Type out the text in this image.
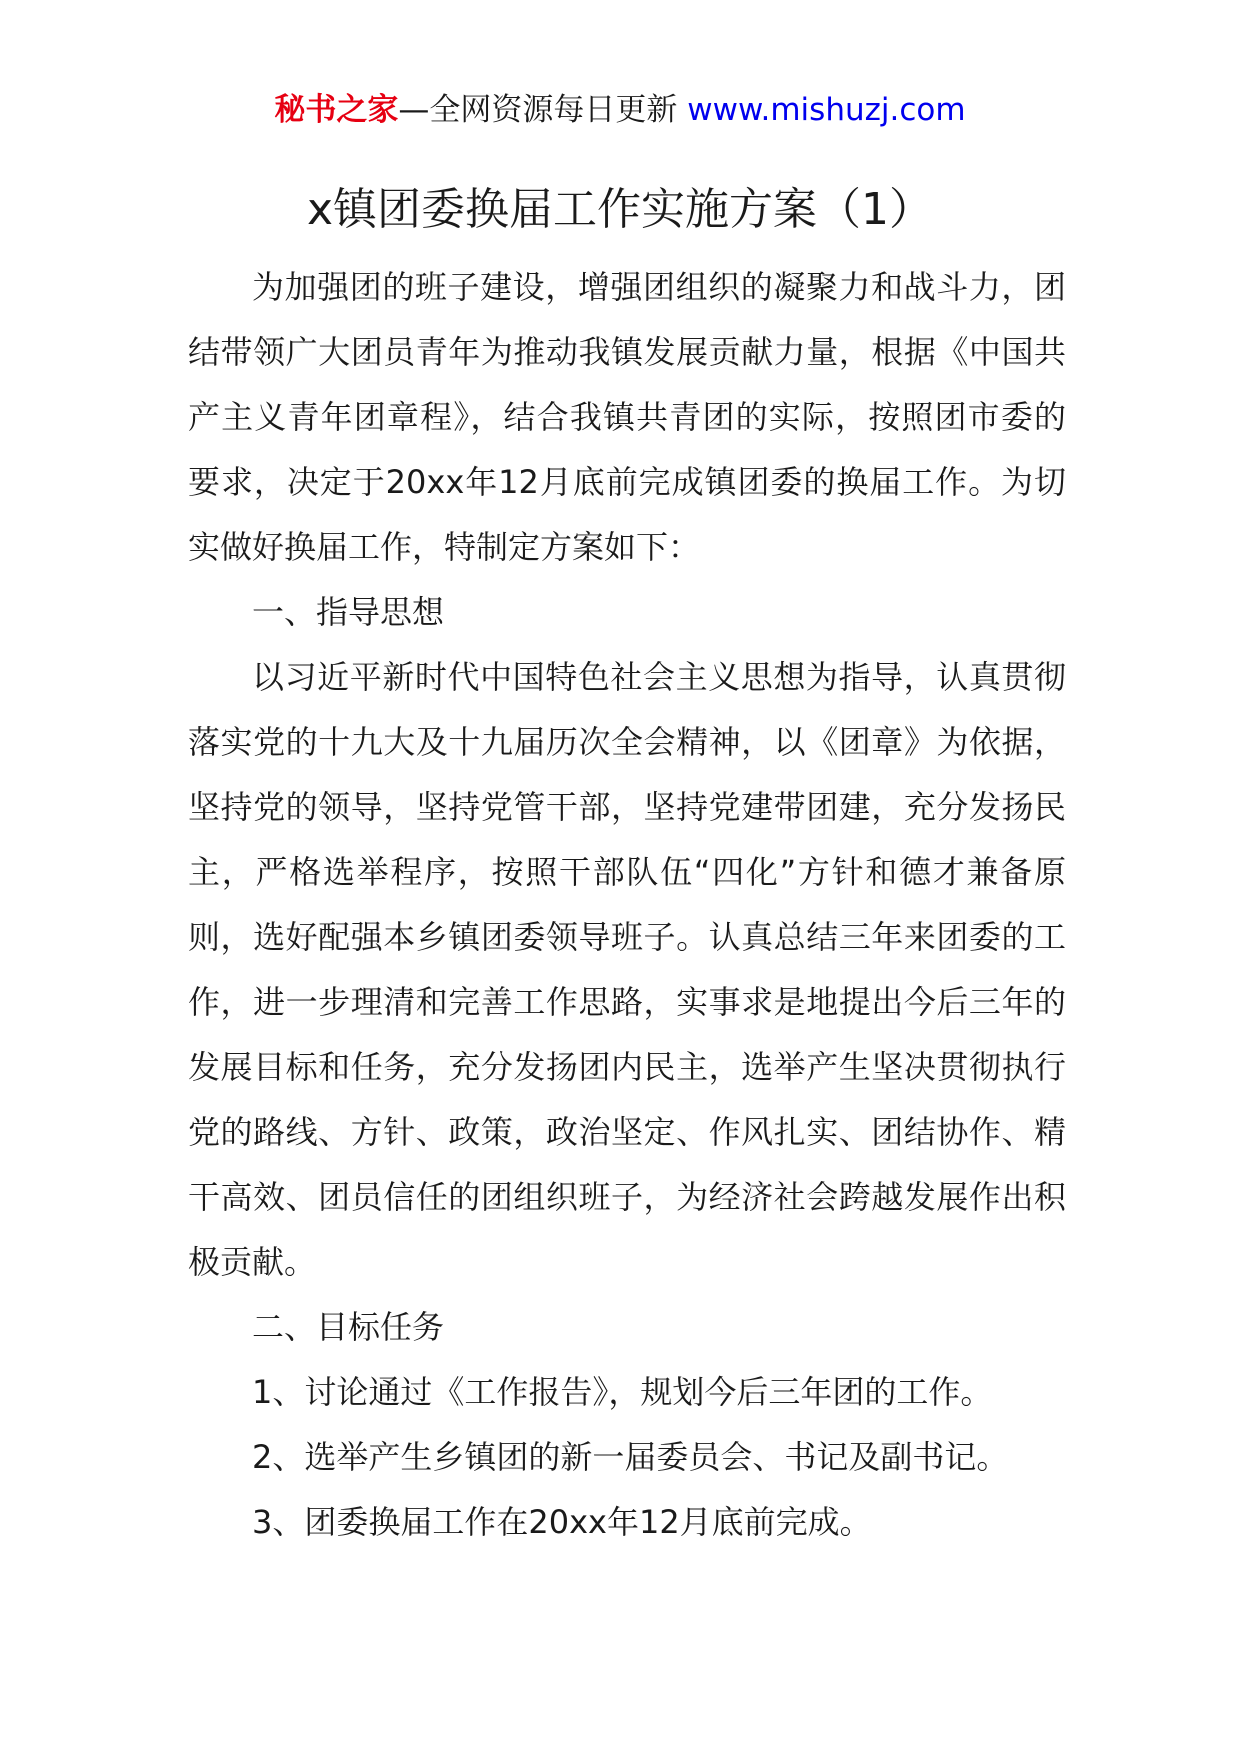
秘书之家—全网资源每日更新 www.mishuzj.com
x镇团委换届工作实施方案（1）

为加强团的班子建设，增强团组织的凝聚力和战斗力，团结带领广大团员青年为推动我镇发展贡献力量，根据《中国共产主义青年团章程》，结合我镇共青团的实际，按照团市委的要求，决定于20xx年12月底前完成镇团委的换届工作。为切实做好换届工作，特制定方案如下：

一、指导思想

以习近平新时代中国特色社会主义思想为指导，认真贯彻落实党的十九大及十九届历次全会精神，以《团章》为依据，坚持党的领导，坚持党管干部，坚持党建带团建，充分发扬民主，严格选举程序，按照干部队伍“四化”方针和德才兼备原则，选好配强本乡镇团委领导班子。认真总结三年来团委的工作，进一步理清和完善工作思路，实事求是地提出今后三年的发展目标和任务，充分发扬团内民主，选举产生坚决贯彻执行党的路线、方针、政策，政治坚定、作风扎实、团结协作、精干高效、团员信任的团组织班子，为经济社会跨越发展作出积极贡献。

二、目标任务

1、讨论通过《工作报告》，规划今后三年团的工作。

2、选举产生乡镇团的新一届委员会、书记及副书记。

3、团委换届工作在20xx年12月底前完成。
